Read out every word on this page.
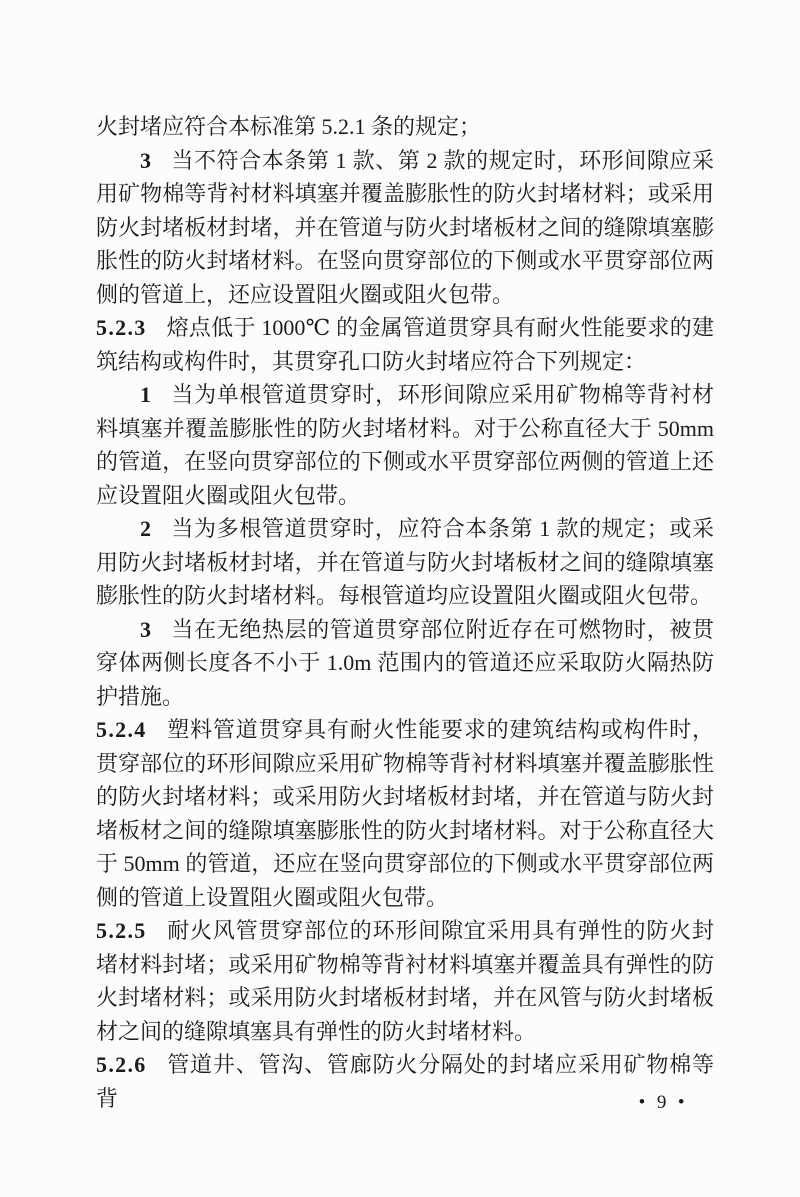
火封堵应符合本标准第 5.2.1 条的规定；

3 当不符合本条第 1 款、第 2 款的规定时，环形间隙应采用矿物棉等背衬材料填塞并覆盖膨胀性的防火封堵材料；或采用防火封堵板材封堵，并在管道与防火封堵板材之间的缝隙填塞膨胀性的防火封堵材料。在竖向贯穿部位的下侧或水平贯穿部位两侧的管道上，还应设置阻火圈或阻火包带。

5.2.3 熔点低于 1000℃ 的金属管道贯穿具有耐火性能要求的建筑结构或构件时，其贯穿孔口防火封堵应符合下列规定：

1 当为单根管道贯穿时，环形间隙应采用矿物棉等背衬材料填塞并覆盖膨胀性的防火封堵材料。对于公称直径大于 50mm 的管道，在竖向贯穿部位的下侧或水平贯穿部位两侧的管道上还应设置阻火圈或阻火包带。

2 当为多根管道贯穿时，应符合本条第 1 款的规定；或采用防火封堵板材封堵，并在管道与防火封堵板材之间的缝隙填塞膨胀性的防火封堵材料。每根管道均应设置阻火圈或阻火包带。

3 当在无绝热层的管道贯穿部位附近存在可燃物时，被贯穿体两侧长度各不小于 1.0m 范围内的管道还应采取防火隔热防护措施。

5.2.4 塑料管道贯穿具有耐火性能要求的建筑结构或构件时，贯穿部位的环形间隙应采用矿物棉等背衬材料填塞并覆盖膨胀性的防火封堵材料；或采用防火封堵板材封堵，并在管道与防火封堵板材之间的缝隙填塞膨胀性的防火封堵材料。对于公称直径大于 50mm 的管道，还应在竖向贯穿部位的下侧或水平贯穿部位两侧的管道上设置阻火圈或阻火包带。

5.2.5 耐火风管贯穿部位的环形间隙宜采用具有弹性的防火封堵材料封堵；或采用矿物棉等背衬材料填塞并覆盖具有弹性的防火封堵材料；或采用防火封堵板材封堵，并在风管与防火封堵板材之间的缝隙填塞具有弹性的防火封堵材料。

5.2.6 管道井、管沟、管廊防火分隔处的封堵应采用矿物棉等背	• 9 •
